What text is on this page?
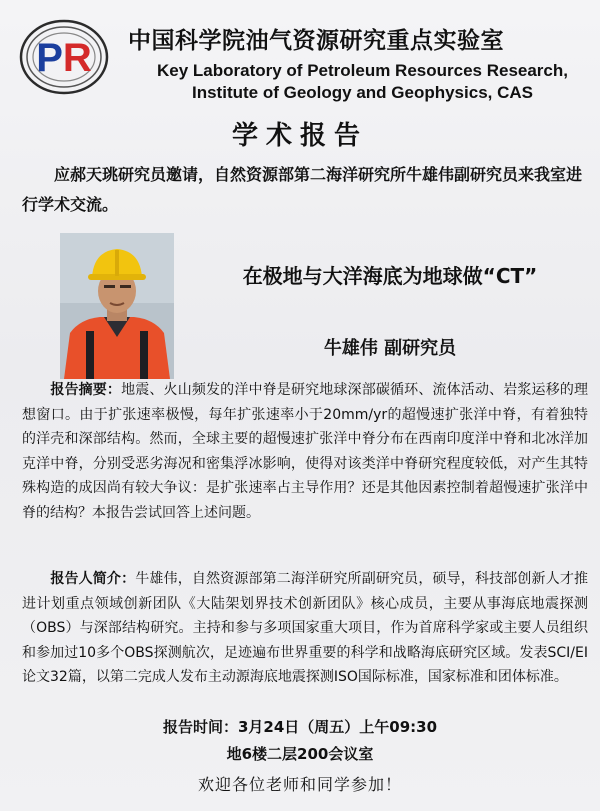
PR 中国科学院油气资源研究重点实验室
Key Laboratory of Petroleum Resources Research,
Institute of Geology and Geophysics, CAS
学术报告
应郝天珧研究员邀请，自然资源部第二海洋研究所牛雄伟副研究员来我室进行学术交流。
在极地与大洋海底为地球做“CT”
牛雄伟 副研究员
　　报告摘要：地震、火山频发的洋中脊是研究地球深部碳循环、流体活动、岩浆运移的理想窗口。由于扩张速率极慢，每年扩张速率小于20mm/yr的超慢速扩张洋中脊，有着独特的洋壳和深部结构。然而，全球主要的超慢速扩张洋中脊分布在西南印度洋中脊和北冰洋加克洋中脊，分别受恶劣海况和密集浮冰影响，使得对该类洋中脊研究程度较低，对产生其特殊构造的成因尚有较大争议：是扩张速率占主导作用？还是其他因素控制着超慢速扩张洋中脊的结构？本报告尝试回答上述问题。
　　报告人简介：牛雄伟，自然资源部第二海洋研究所副研究员，硕导，科技部创新人才推进计划重点领域创新团队《大陆架划界技术创新团队》核心成员，主要从事海底地震探测（OBS）与深部结构研究。主持和参与多项国家重大项目，作为首席科学家或主要人员组织和参加过10多个OBS探测航次，足迹遍布世界重要的科学和战略海底研究区域。发表SCI/EI论文32篇，以第二完成人发布主动源海底地震探测ISO国际标准，国家标准和团体标准。
报告时间：3月24日（周五）上午09:30
地6楼二层200会议室
欢迎各位老师和同学参加！
